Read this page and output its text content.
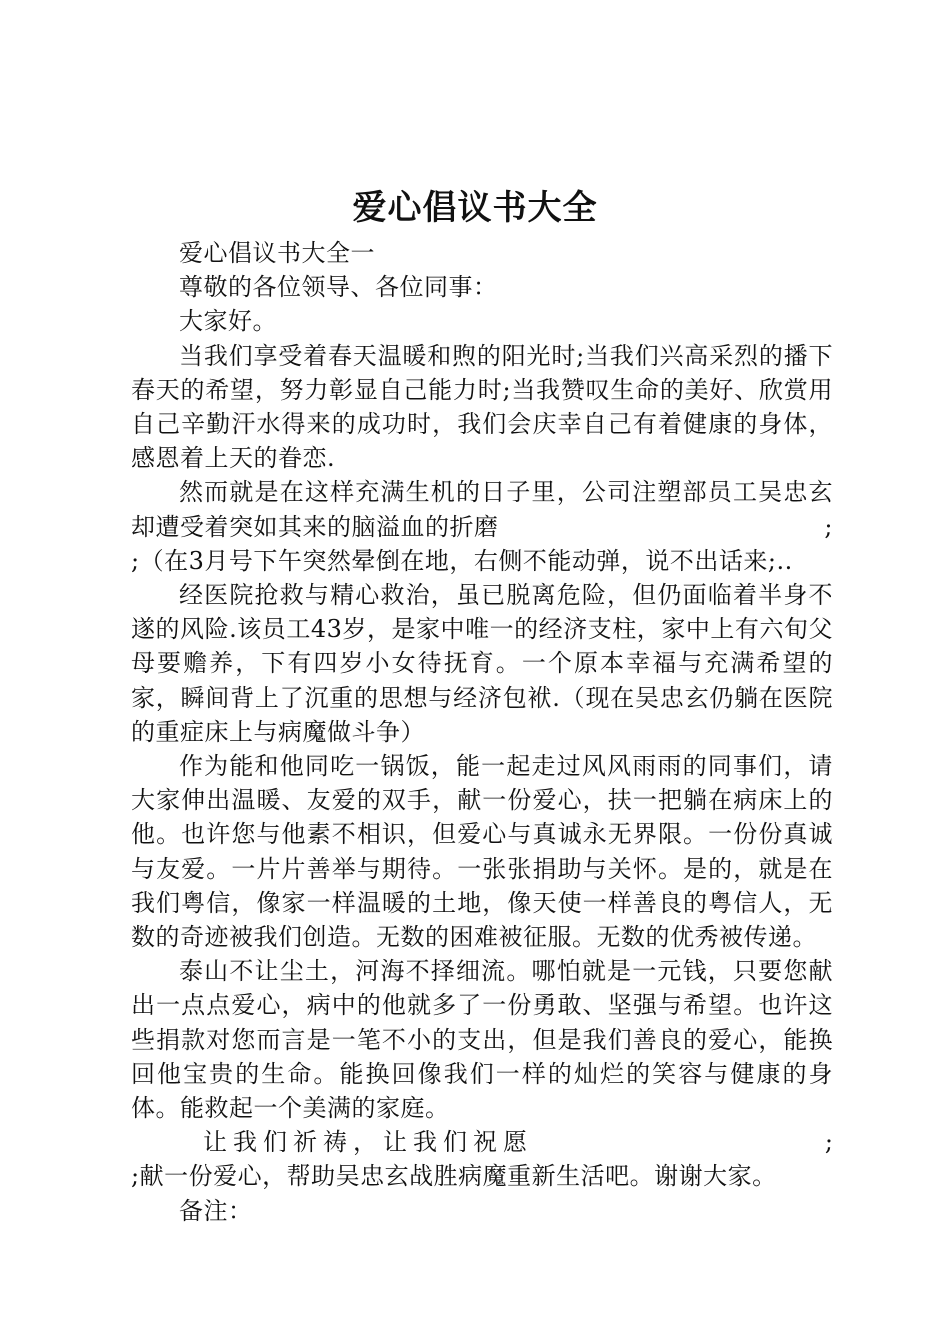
爱心倡议书大全

爱心倡议书大全一

尊敬的各位领导、各位同事：

大家好。

当我们享受着春天温暖和煦的阳光时;当我们兴高采烈的播下春天的希望，努力彰显自己能力时;当我赞叹生命的美好、欣赏用自己辛勤汗水得来的成功时，我们会庆幸自己有着健康的身体，感恩着上天的眷恋.

然而就是在这样充满生机的日子里，公司注塑部员工吴忠玄却遭受着突如其来的脑溢血的折磨	;

;（在3月号下午突然晕倒在地，右侧不能动弹，说不出话来;..

经医院抢救与精心救治，虽已脱离危险，但仍面临着半身不遂的风险.该员工43岁，是家中唯一的经济支柱，家中上有六旬父母要赡养，下有四岁小女待抚育。一个原本幸福与充满希望的家，瞬间背上了沉重的思想与经济包袱.（现在吴忠玄仍躺在医院的重症床上与病魔做斗争）

作为能和他同吃一锅饭，能一起走过风风雨雨的同事们，请大家伸出温暖、友爱的双手，献一份爱心，扶一把躺在病床上的他。也许您与他素不相识，但爱心与真诚永无界限。一份份真诚与友爱。一片片善举与期待。一张张捐助与关怀。是的，就是在我们粤信，像家一样温暖的土地，像天使一样善良的粤信人，无数的奇迹被我们创造。无数的困难被征服。无数的优秀被传递。

泰山不让尘土，河海不择细流。哪怕就是一元钱，只要您献出一点点爱心，病中的他就多了一份勇敢、坚强与希望。也许这些捐款对您而言是一笔不小的支出，但是我们善良的爱心，能换回他宝贵的生命。能换回像我们一样的灿烂的笑容与健康的身体。能救起一个美满的家庭。

让我们祈祷，让我们祝愿	;

;献一份爱心，帮助吴忠玄战胜病魔重新生活吧。谢谢大家。

备注：
